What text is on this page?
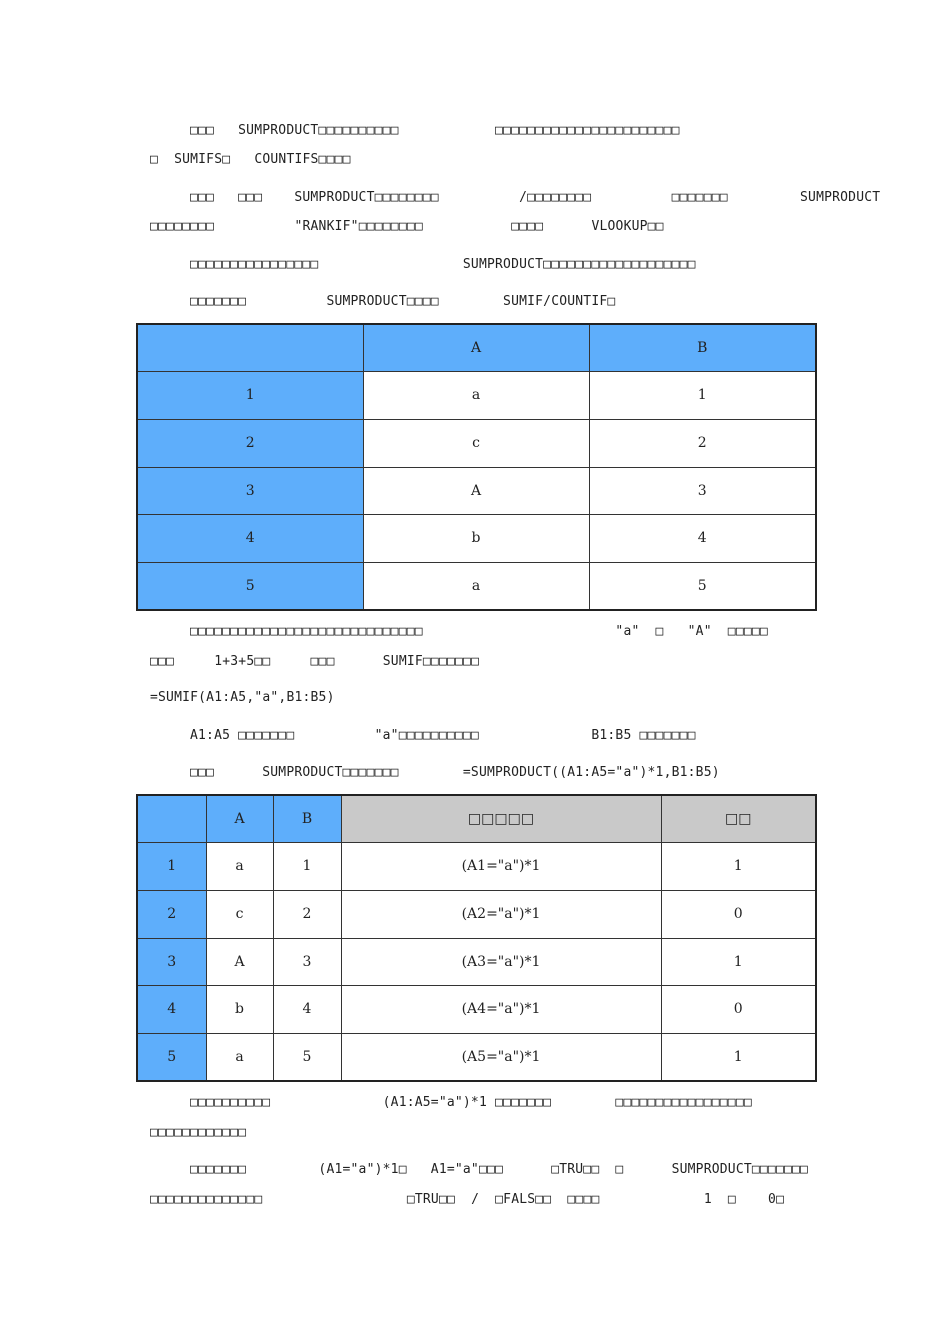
□□□   SUMPRODUCT□□□□□□□□□□            □□□□□□□□□□□□□□□□□□□□□□□
□  SUMIFS□   COUNTIFS□□□□
□□□   □□□    SUMPRODUCT□□□□□□□□          /□□□□□□□□          □□□□□□□         SUMPRODUCT
□□□□□□□□          "RANKIF"□□□□□□□□           □□□□      VLOOKUP□□
□□□□□□□□□□□□□□□□                  SUMPRODUCT□□□□□□□□□□□□□□□□□□□
□□□□□□□          SUMPRODUCT□□□□        SUMIF/COUNTIF□
	A	B
1	a	1
2	c	2
3	A	3
4	b	4
5	a	5
□□□□□□□□□□□□□□□□□□□□□□□□□□□□□                        "a"  □   "A"  □□□□□
□□□     1+3+5□□     □□□      SUMIF□□□□□□□
=SUMIF(A1:A5,"a",B1:B5)
A1:A5 □□□□□□□          "a"□□□□□□□□□□              B1:B5 □□□□□□□
□□□      SUMPRODUCT□□□□□□□        =SUMPRODUCT((A1:A5="a")*1,B1:B5)
	A	B	□□□□□	□□
1	a	1	(A1="a")*1	1
2	c	2	(A2="a")*1	0
3	A	3	(A3="a")*1	1
4	b	4	(A4="a")*1	0
5	a	5	(A5="a")*1	1
□□□□□□□□□□              (A1:A5="a")*1 □□□□□□□        □□□□□□□□□□□□□□□□□
□□□□□□□□□□□□
□□□□□□□         (A1="a")*1□   A1="a"□□□      □TRU□□  □      SUMPRODUCT□□□□□□□
□□□□□□□□□□□□□□                  □TRU□□  /  □FALS□□  □□□□             1  □    0□
